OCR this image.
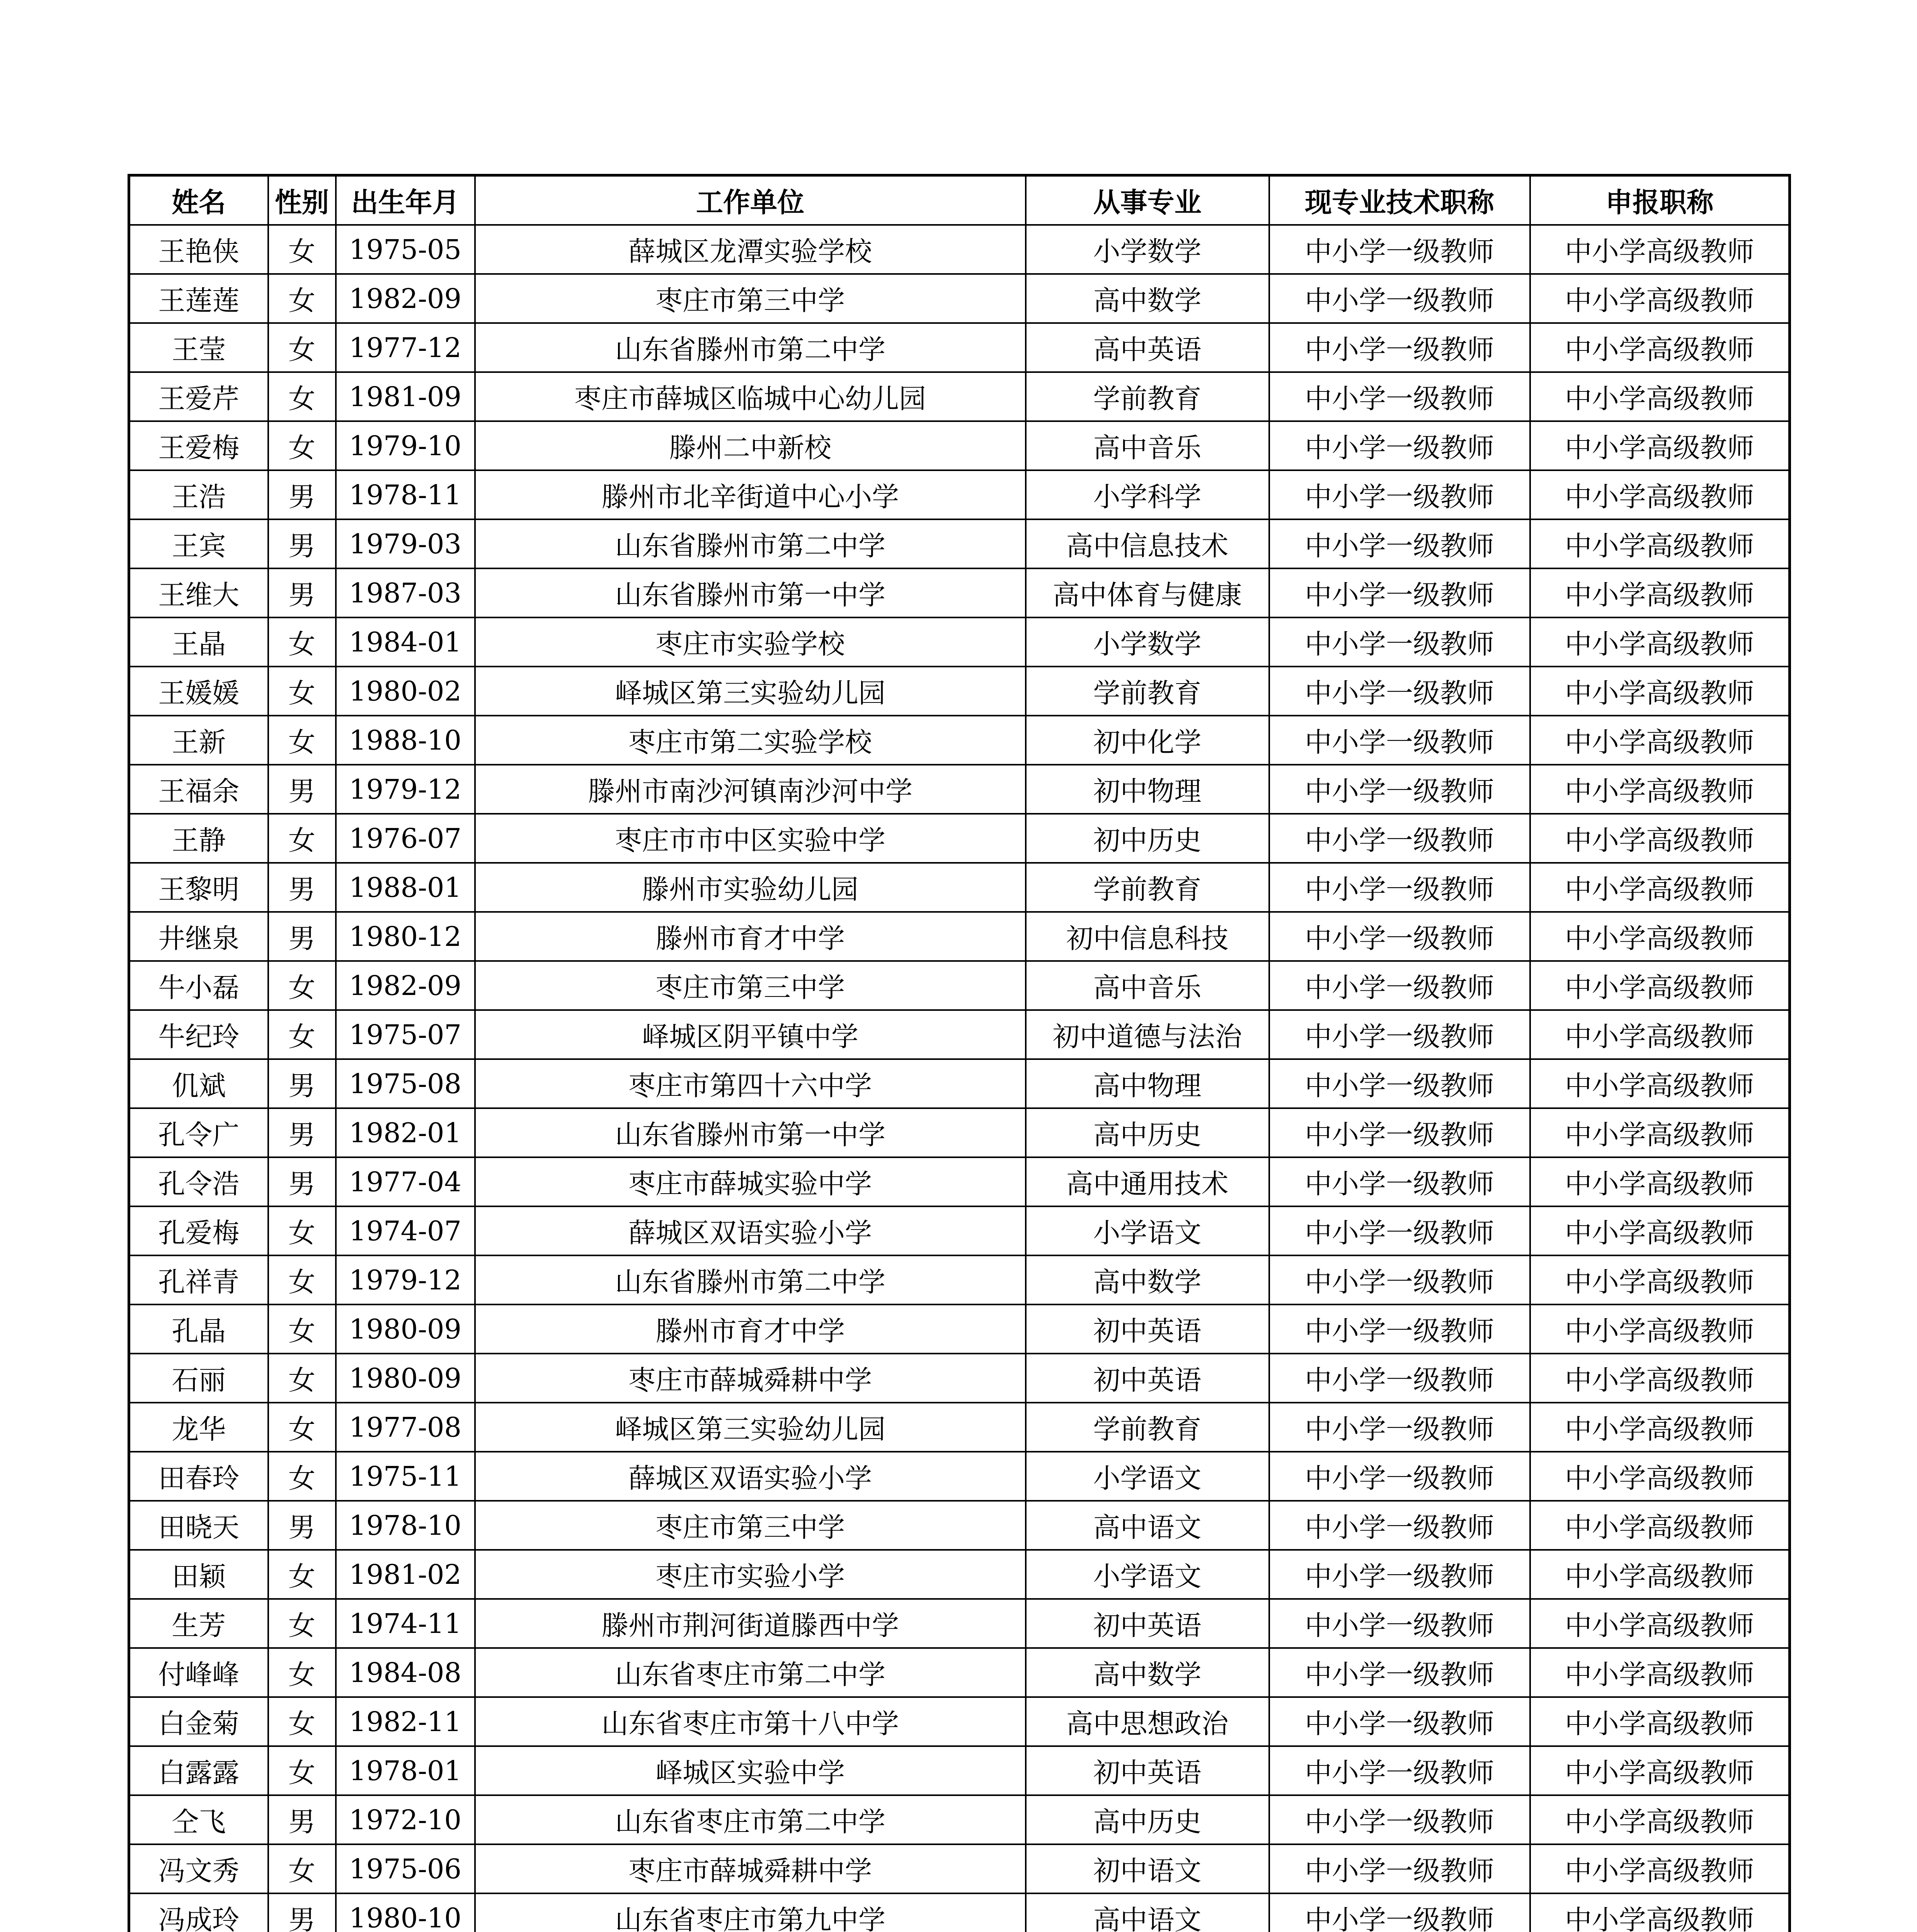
姓名	性别	出生年月	工作单位	从事专业	现专业技术职称	申报职称
王艳侠	女	1975-05	薛城区龙潭实验学校	小学数学	中小学一级教师	中小学高级教师
王莲莲	女	1982-09	枣庄市第三中学	高中数学	中小学一级教师	中小学高级教师
王莹	女	1977-12	山东省滕州市第二中学	高中英语	中小学一级教师	中小学高级教师
王爱芹	女	1981-09	枣庄市薛城区临城中心幼儿园	学前教育	中小学一级教师	中小学高级教师
王爱梅	女	1979-10	滕州二中新校	高中音乐	中小学一级教师	中小学高级教师
王浩	男	1978-11	滕州市北辛街道中心小学	小学科学	中小学一级教师	中小学高级教师
王宾	男	1979-03	山东省滕州市第二中学	高中信息技术	中小学一级教师	中小学高级教师
王维大	男	1987-03	山东省滕州市第一中学	高中体育与健康	中小学一级教师	中小学高级教师
王晶	女	1984-01	枣庄市实验学校	小学数学	中小学一级教师	中小学高级教师
王媛媛	女	1980-02	峄城区第三实验幼儿园	学前教育	中小学一级教师	中小学高级教师
王新	女	1988-10	枣庄市第二实验学校	初中化学	中小学一级教师	中小学高级教师
王福余	男	1979-12	滕州市南沙河镇南沙河中学	初中物理	中小学一级教师	中小学高级教师
王静	女	1976-07	枣庄市市中区实验中学	初中历史	中小学一级教师	中小学高级教师
王黎明	男	1988-01	滕州市实验幼儿园	学前教育	中小学一级教师	中小学高级教师
井继泉	男	1980-12	滕州市育才中学	初中信息科技	中小学一级教师	中小学高级教师
牛小磊	女	1982-09	枣庄市第三中学	高中音乐	中小学一级教师	中小学高级教师
牛纪玲	女	1975-07	峄城区阴平镇中学	初中道德与法治	中小学一级教师	中小学高级教师
仉斌	男	1975-08	枣庄市第四十六中学	高中物理	中小学一级教师	中小学高级教师
孔令广	男	1982-01	山东省滕州市第一中学	高中历史	中小学一级教师	中小学高级教师
孔令浩	男	1977-04	枣庄市薛城实验中学	高中通用技术	中小学一级教师	中小学高级教师
孔爱梅	女	1974-07	薛城区双语实验小学	小学语文	中小学一级教师	中小学高级教师
孔祥青	女	1979-12	山东省滕州市第二中学	高中数学	中小学一级教师	中小学高级教师
孔晶	女	1980-09	滕州市育才中学	初中英语	中小学一级教师	中小学高级教师
石丽	女	1980-09	枣庄市薛城舜耕中学	初中英语	中小学一级教师	中小学高级教师
龙华	女	1977-08	峄城区第三实验幼儿园	学前教育	中小学一级教师	中小学高级教师
田春玲	女	1975-11	薛城区双语实验小学	小学语文	中小学一级教师	中小学高级教师
田晓天	男	1978-10	枣庄市第三中学	高中语文	中小学一级教师	中小学高级教师
田颖	女	1981-02	枣庄市实验小学	小学语文	中小学一级教师	中小学高级教师
生芳	女	1974-11	滕州市荆河街道滕西中学	初中英语	中小学一级教师	中小学高级教师
付峰峰	女	1984-08	山东省枣庄市第二中学	高中数学	中小学一级教师	中小学高级教师
白金菊	女	1982-11	山东省枣庄市第十八中学	高中思想政治	中小学一级教师	中小学高级教师
白露露	女	1978-01	峄城区实验中学	初中英语	中小学一级教师	中小学高级教师
仝飞	男	1972-10	山东省枣庄市第二中学	高中历史	中小学一级教师	中小学高级教师
冯文秀	女	1975-06	枣庄市薛城舜耕中学	初中语文	中小学一级教师	中小学高级教师
冯成玲	男	1980-10	山东省枣庄市第九中学	高中语文	中小学一级教师	中小学高级教师
